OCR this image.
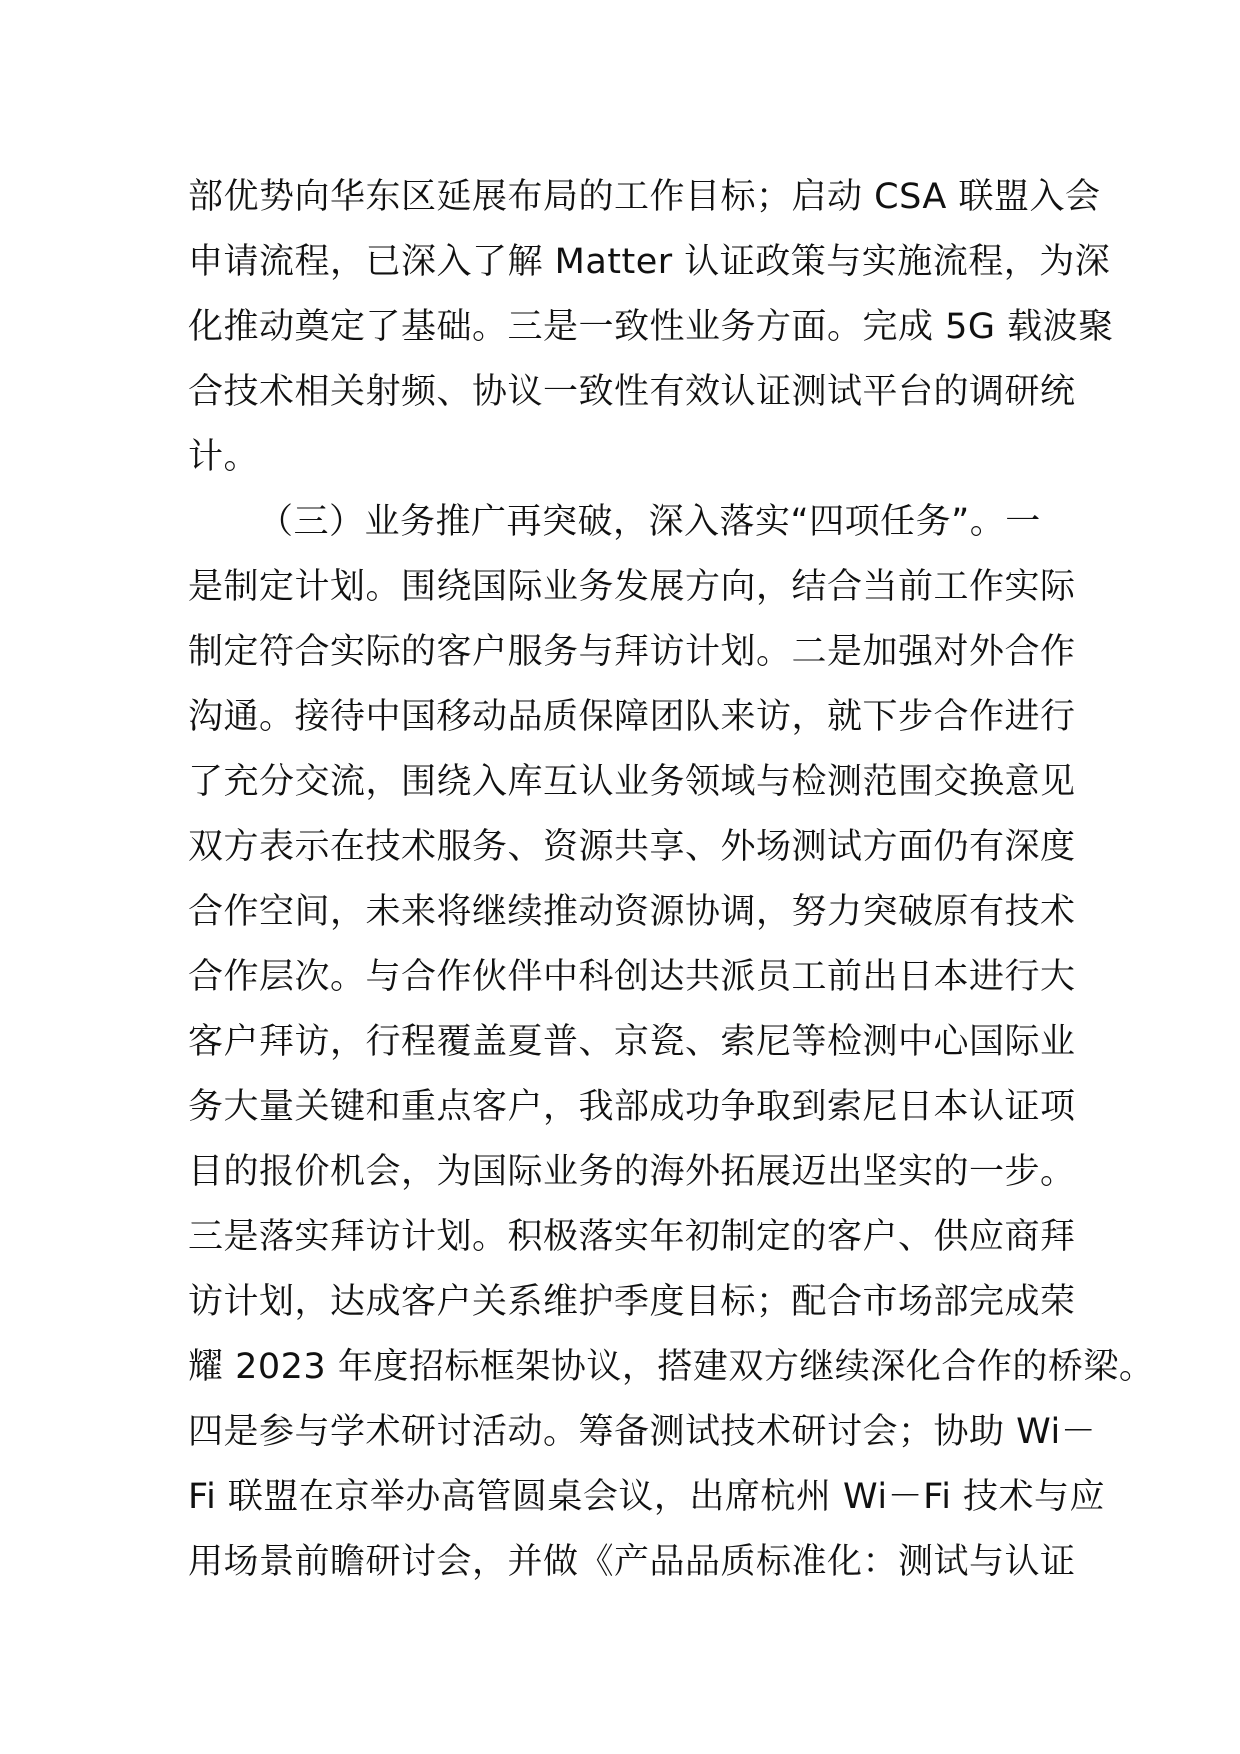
部优势向华东区延展布局的工作目标；启动 CSA 联盟入会
申请流程，已深入了解 Matter 认证政策与实施流程，为深
化推动奠定了基础。三是一致性业务方面。完成 5G 载波聚
合技术相关射频、协议一致性有效认证测试平台的调研统
计。
（三）业务推广再突破，深入落实“四项任务”。一
是制定计划。围绕国际业务发展方向，结合当前工作实际
制定符合实际的客户服务与拜访计划。二是加强对外合作
沟通。接待中国移动品质保障团队来访，就下步合作进行
了充分交流，围绕入库互认业务领域与检测范围交换意见
双方表示在技术服务、资源共享、外场测试方面仍有深度
合作空间，未来将继续推动资源协调，努力突破原有技术
合作层次。与合作伙伴中科创达共派员工前出日本进行大
客户拜访，行程覆盖夏普、京瓷、索尼等检测中心国际业
务大量关键和重点客户，我部成功争取到索尼日本认证项
目的报价机会，为国际业务的海外拓展迈出坚实的一步。
三是落实拜访计划。积极落实年初制定的客户、供应商拜
访计划，达成客户关系维护季度目标；配合市场部完成荣
耀 2023 年度招标框架协议，搭建双方继续深化合作的桥梁。
四是参与学术研讨活动。筹备测试技术研讨会；协助 Wi－
Fi 联盟在京举办高管圆桌会议，出席杭州 Wi－Fi 技术与应
用场景前瞻研讨会，并做《产品品质标准化：测试与认证
